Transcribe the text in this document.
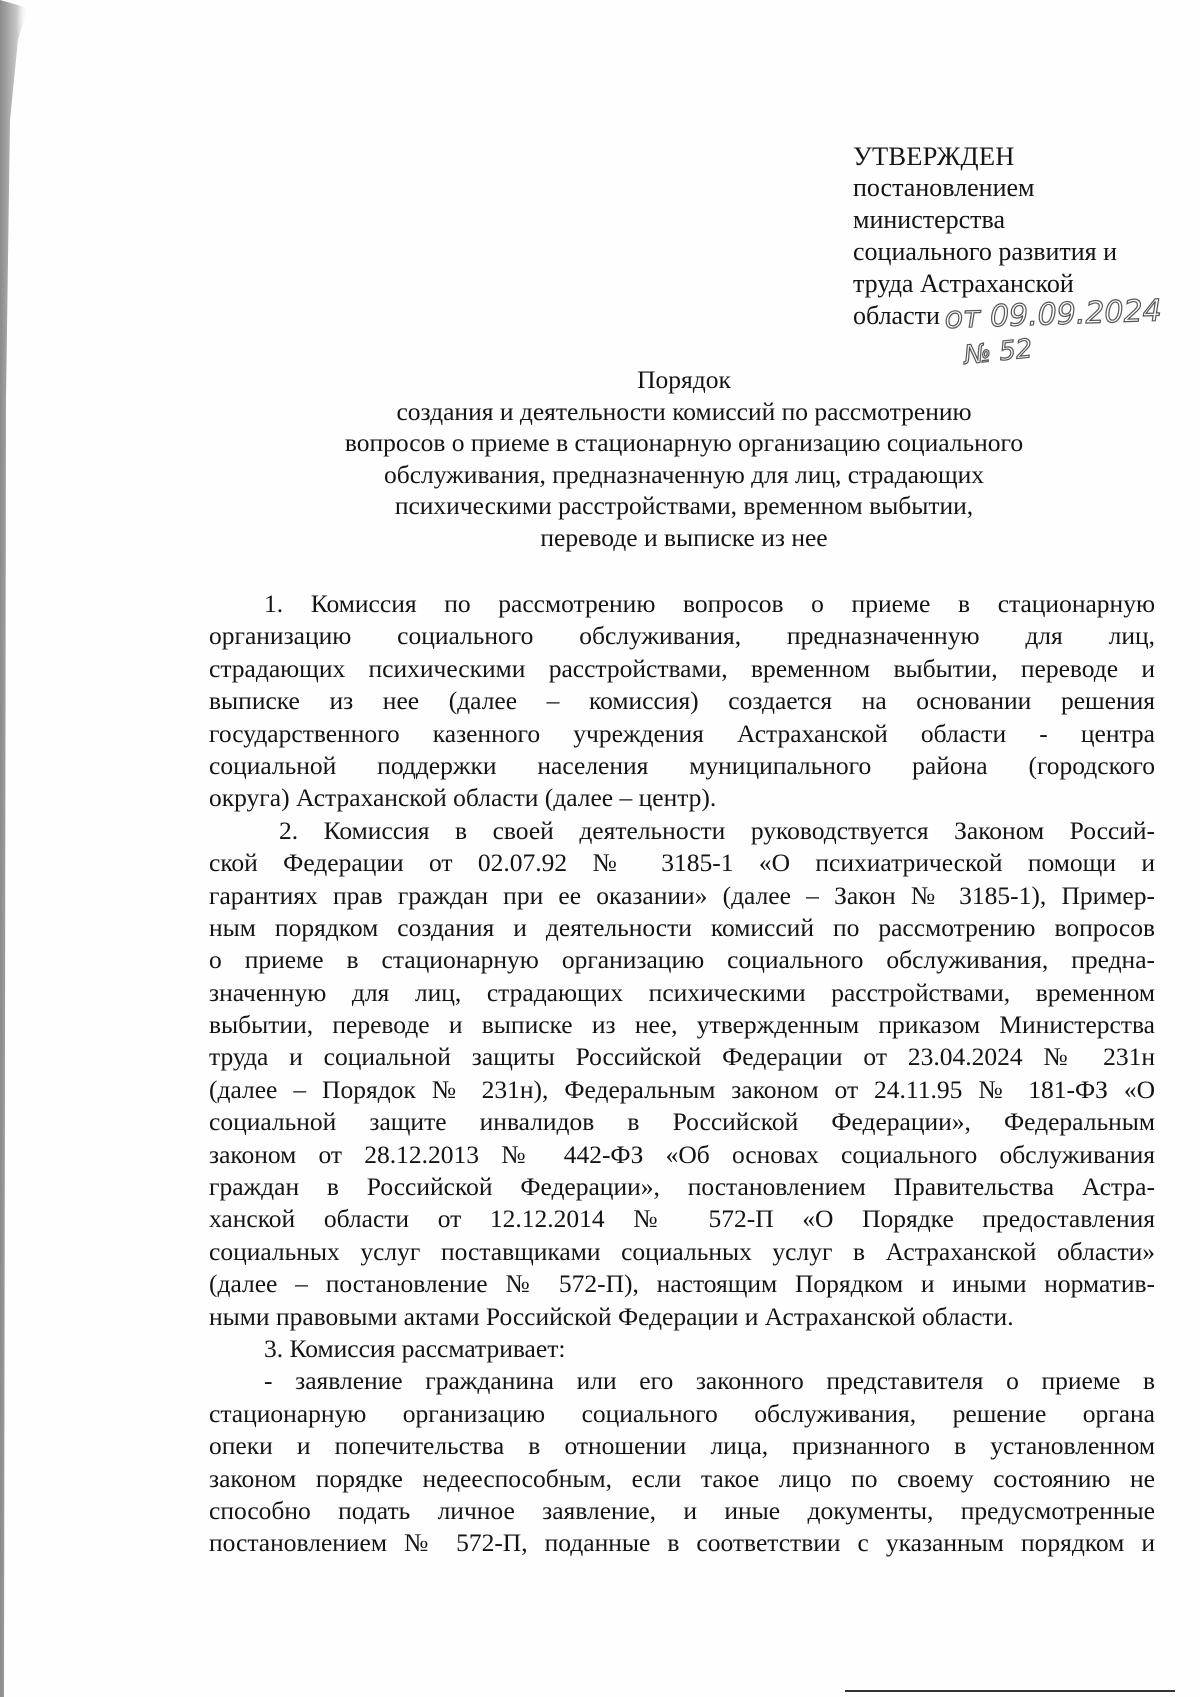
УТВЕРЖДЕН
постановлением
министерства
социального развития и
труда Астраханской
области от 09.09.2024
№ 52
Порядок
создания и деятельности комиссий по рассмотрению
вопросов о приеме в стационарную организацию социального
обслуживания, предназначенную для лиц, страдающих
психическими расстройствами, временном выбытии,
переводе и выписке из нее
1. Комиссия по рассмотрению вопросов о приеме в стационарную
организацию социального обслуживания, предназначенную для лиц,
страдающих психическими расстройствами, временном выбытии, переводе и
выписке из нее (далее – комиссия) создается на основании решения
государственного казенного учреждения Астраханской области - центра
социальной поддержки населения муниципального района (городского
округа) Астраханской области (далее – центр).
2. Комиссия в своей деятельности руководствуется Законом Россий-
ской Федерации от 02.07.92 № 3185-1 «О психиатрической помощи и
гарантиях прав граждан при ее оказании» (далее – Закон № 3185-1), Пример-
ным порядком создания и деятельности комиссий по рассмотрению вопросов
о приеме в стационарную организацию социального обслуживания, предна-
значенную для лиц, страдающих психическими расстройствами, временном
выбытии, переводе и выписке из нее, утвержденным приказом Министерства
труда и социальной защиты Российской Федерации от 23.04.2024 № 231н
(далее – Порядок № 231н), Федеральным законом от 24.11.95 № 181-ФЗ «О
социальной защите инвалидов в Российской Федерации», Федеральным
законом от 28.12.2013 № 442-ФЗ «Об основах социального обслуживания
граждан в Российской Федерации», постановлением Правительства Астра-
ханской области от 12.12.2014 № 572-П «О Порядке предоставления
социальных услуг поставщиками социальных услуг в Астраханской области»
(далее – постановление № 572-П), настоящим Порядком и иными норматив-
ными правовыми актами Российской Федерации и Астраханской области.
3. Комиссия рассматривает:
- заявление гражданина или его законного представителя о приеме в
стационарную организацию социального обслуживания, решение органа
опеки и попечительства в отношении лица, признанного в установленном
законом порядке недееспособным, если такое лицо по своему состоянию не
способно подать личное заявление, и иные документы, предусмотренные
постановлением № 572-П, поданные в соответствии с указанным порядком и
